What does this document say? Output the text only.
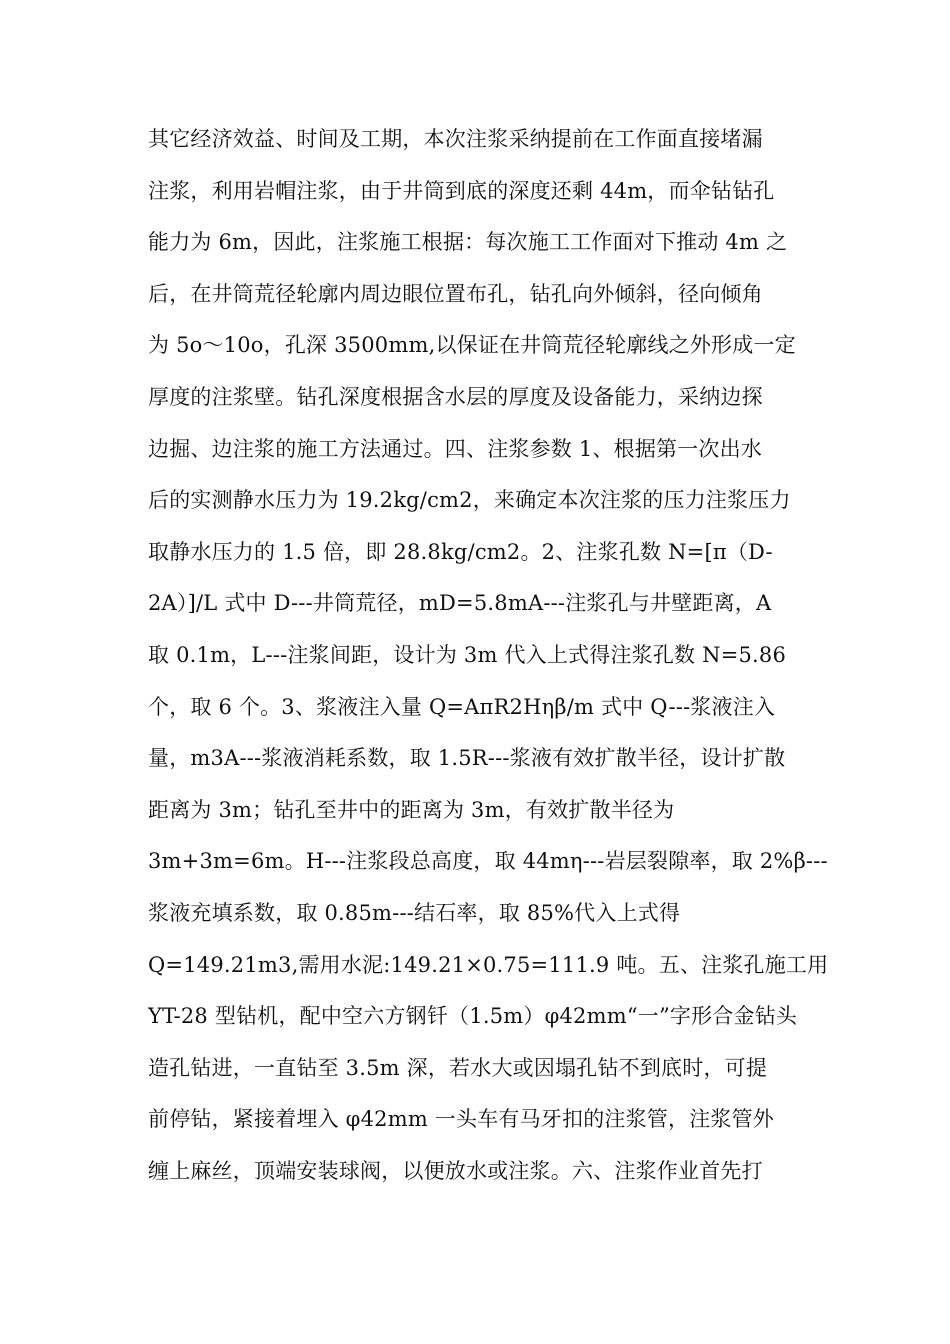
其它经济效益、时间及工期，本次注浆采纳提前在工作面直接堵漏
注浆，利用岩帽注浆，由于井筒到底的深度还剩 44m，而伞钻钻孔
能力为 6m，因此，注浆施工根据：每次施工工作面对下推动 4m 之
后，在井筒荒径轮廓内周边眼位置布孔，钻孔向外倾斜，径向倾角
为 5o～10o，孔深 3500mm,以保证在井筒荒径轮廓线之外形成一定
厚度的注浆壁。钻孔深度根据含水层的厚度及设备能力，采纳边探
边掘、边注浆的施工方法通过。四、注浆参数 1、根据第一次出水
后的实测静水压力为 19.2kg/cm2，来确定本次注浆的压力注浆压力
取静水压力的 1.5 倍，即 28.8kg/cm2。2、注浆孔数 N=[π（D-
2A）]/L 式中 D---井筒荒径，mD=5.8mA---注浆孔与井壁距离，A
取 0.1m，L---注浆间距，设计为 3m 代入上式得注浆孔数 N=5.86
个，取 6 个。3、浆液注入量 Q=AπR2Hηβ/m 式中 Q---浆液注入
量，m3A---浆液消耗系数，取 1.5R---浆液有效扩散半径，设计扩散
距离为 3m；钻孔至井中的距离为 3m，有效扩散半径为
3m+3m=6m。H---注浆段总高度，取 44mη---岩层裂隙率，取 2%β---
浆液充填系数，取 0.85m---结石率，取 85%代入上式得
Q=149.21m3,需用水泥:149.21×0.75=111.9 吨。五、注浆孔施工用
YT-28 型钻机，配中空六方钢钎（1.5m）φ42mm“一”字形合金钻头
造孔钻进，一直钻至 3.5m 深，若水大或因塌孔钻不到底时，可提
前停钻，紧接着埋入 φ42mm 一头车有马牙扣的注浆管，注浆管外
缠上麻丝，顶端安装球阀，以便放水或注浆。六、注浆作业首先打
